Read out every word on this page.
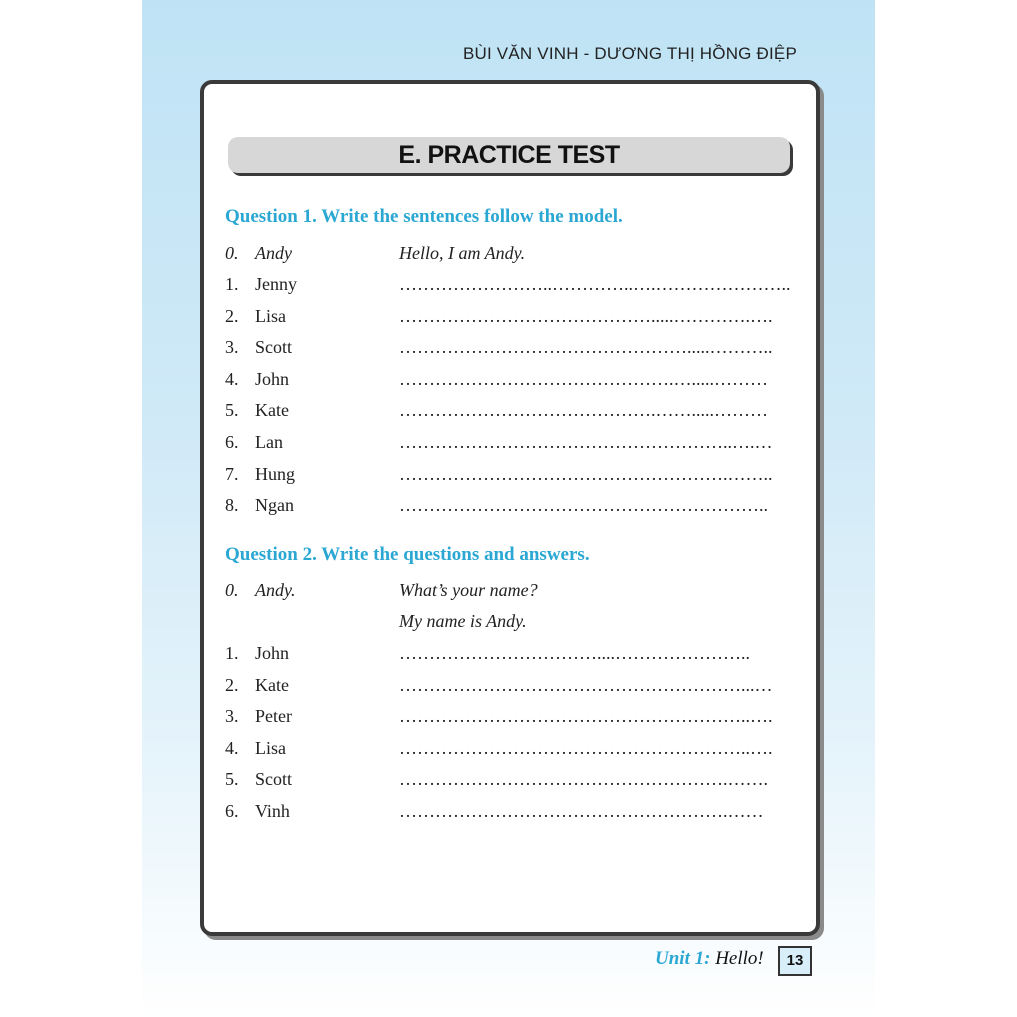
BÙI VĂN VINH - DƯƠNG THỊ HỒNG ĐIỆP
E. PRACTICE TEST
Question 1. Write the sentences follow the model.
0. Andy	Hello, I am Andy.
1. Jenny	……………………..…………..….…………………..
2. Lisa	…………………………………….....………….….
3. Scott	………………………………………….....………..
4. John	……………………………………….….....………
5. Kate	…………………………………….…….....………
6. Lan	………………………………………………..….…
7. Hung	……………………………………………….……..
8. Ngan	……………………………………………………..
Question 2. Write the questions and answers.
0. Andy.	What’s your name?
My name is Andy.
1. John	……………………………....…………………..
2. Kate	…………………………………………………...…
3. Peter	…………………………………………………..….
4. Lisa	…………………………………………………..….
5. Scott	……………………………………………….…….
6. Vinh	……………………………………………….……
Unit 1: Hello!	13
